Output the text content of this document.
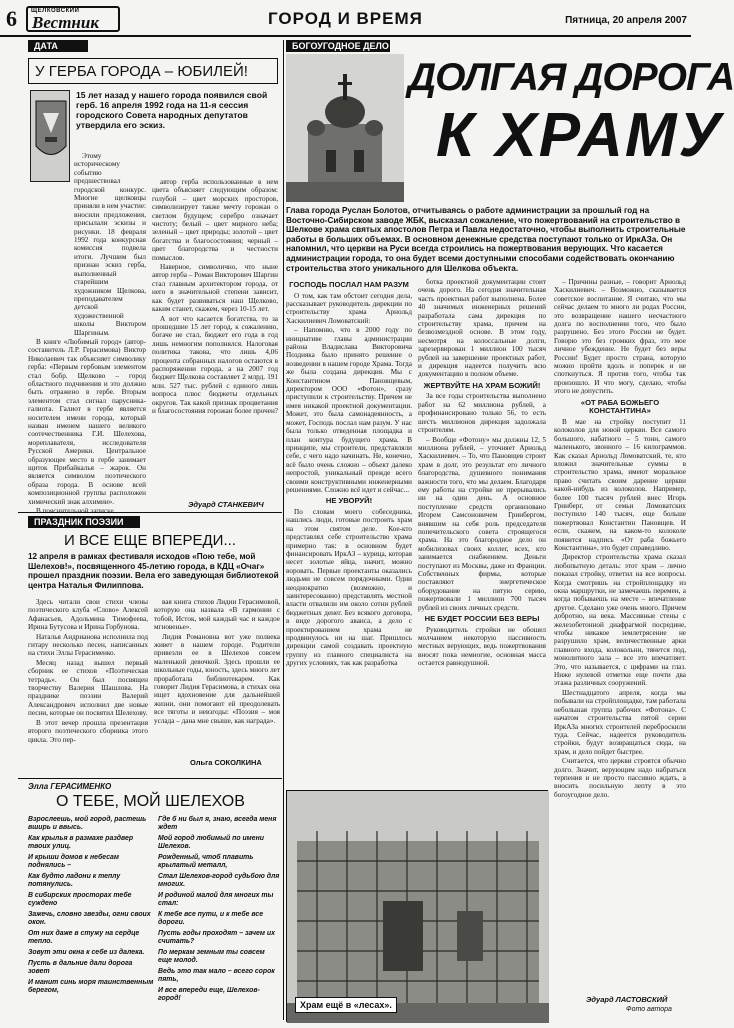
6 ЩЕЛКОВСКИЙ
Вестник	ГОРОД И ВРЕМЯ	Пятница, 20 апреля 2007
ДАТА
У ГЕРБА ГОРОДА – ЮБИЛЕЙ!
15 лет назад у нашего города появился свой герб. 16 апреля 1992 года на 11-я сессия городского Совета народных депутатов утвердила его эскиз.

Этому историческому событию предшествовал городской конкурс. Многие щелковцы приняли в нем участие: вносили предложения, присылали эскизы и рисунки. 18 февраля 1992 года конкурсная комиссия подвела итоги. Лучшим был признан эскиз герба, выполненный старейшим художником Щелкова, преподавателем детской художественной школы Виктором Шаргиным.

В книге «Любимый город» (автор-составитель Л.Р. Герасимова) Виктор Николаевич так объясняет символику герба: «Первым гербовым элементом стал бобр. Щелково – город областного подчинения и это должно быть отражено в гербе. Вторым элементом стал сигнал парусника-галиота. Галиот в гербе является носителем имени города, который назван именем нашего великого соотечественника Г.И. Шелехова, мореплавателя, исследователя Русской Америки. Центральное образующее место в гербе занимает щиток Прибайкалья – жарок. Он является символом поэтического образа города. В основе всей композиционной группы расположен химический знак алхимии».

автор герба использованные в нем цвета объясняет следующим образом: голубой – цвет морских просторов, символизирует также мечту горожан о светлом будущем; серебро означает чистоту; белый – цвет мирного неба; зеленый – цвет природы; золотой – цвет богатства и благосостояния; черный – цвет благородства и честности помыслов.

Наверное, символично, что ныне автор герба – Роман Викторович Шаргин стал главным архитектором города, от него в значительной степени зависит, как будет развиваться наш Щелково, каким станет, скажем, через 10-15 лет.

А вот что касается богатства, то за прошедшие 15 лет город, к сожалению, богаче не стал, бюджет его года в год лишь немногим пополнялся. Налоговая политика такова, что лишь 4,06 процента собранных налогов остаются в распоряжении города, а на 2007 год бюджет Щелкова составляет 2 млрд. 191 млн. 527 тыс. рублей с единого лишь вопроса плюс бюджеты отдельных округов. Так какой признак процветания и благосостояния горожан более прочен?

Эдуард СТАНКЕВИЧ
ПРАЗДНИК ПОЭЗИИ
И ВСЕ ЕЩЕ ВПЕРЕДИ...
12 апреля в рамках фестиваля исходов «Пою тебе, мой Шелехов!», посвященного 45-летию города, в КДЦ «Очаг» прошел праздник поэзии. Вела его заведующая библиотекой центра Наталья Филиппова.

Здесь читали свои стихи члены поэтического клуба «Слово» Алексей Афанасьев, Адольмина Тимофеева, Ирина Бутусова и Ирина Горбунова.

Наталья Андрианова исполнила под гитару несколько песен, написанных на стихи Эллы Герасименко.

Месяц назад вышел первый сборник ее стихов «Поэтическая тетрадь». Он был посвящен творчеству Валерия Шашлова. На празднике поэзии Валерий Александрович исполнил две новые песни, которые он посвятил Шелехову.

В этот вечер прошла презентация второго поэтического сборника этого цикла. Это пер-

вая книга стихов Лидии Герасимовой, которую она назвала «В гармонии с тобой, Исток, мой каждый час и каждое мгновенье».

Лидия Романовна вот уже полвека живет в нашем городе. Родители привезли ее в Шелехов совсем маленькой девочкой. Здесь прошли ее школьные годы, юность, здесь много лет проработала библиотекарем. Как говорит Лидия Герасимова, в стихах она ищет вдохновение для дальнейшей жизни, они помогают ей преодолевать все тяготы и невзгоды: «Поэзия – моя услада – дана мне свыше, как награда».

Ольга СОКОЛКИНА
Элла ГЕРАСИМЕНКО
О ТЕБЕ, МОЙ ШЕЛЕХОВ

Взрослеешь, мой город, растешь вширь и ввысь.

Как крылья в размахе раздвер твоих улиц.

И крыши домов к небесам поднялись –

Как будто ладони к теплу потянулись.

В сибирских просторах тебе суждено

Зажечь, словно звезды, огни своих окон.

От них даже в стужу на сердце тепло.

Зовут эти окна к себе из далека.

Пусть в дальние дали дорога зовет

И манит синь моря таинственным берегом,

Где б ни был я, знаю, всегда меня ждет

Мой город любимый по имени Шелехов.

Рожденный, чтоб плавить крылатый металл,

Стал Шелехов-город судьбою для многих.

И родиной малой для многих ты стал:

К тебе все пути, и к тебе все дороги.

Пусть годы проходят – зачем их считать?

По меркам земным ты совсем еще молод.

Ведь это так мало – всего сорок пять,

И все впереди еще, Шелехов-город!

БОГОУГОДНОЕ ДЕЛО
ДОЛГАЯ ДОРОГА
К ХРАМУ
Глава города Руслан Болотов, отчитываясь о работе администрации за прошлый год на Восточно-Сибирском заводе ЖБК, высказал сожаление, что пожертвований на строительство в Шелкове храма святых апостолов Петра и Павла недостаточно, чтобы выполнить строительные работы в больших объемах. В основном денежные средства поступают только от ИркАЗа. Он напомнил, что церкви на Руси всегда строились на пожертвования верующих. Что касается администрации города, то она будет всеми доступными способами содействовать окончанию строительства этого уникального для Шелкова объекта.
ГОСПОДЬ ПОСЛАЛ НАМ РАЗУМ

О том, как там обстоит сегодня дела, рассказывает руководитель дирекции по строительству храма Арнольд Хаскилиевич Ломоватский:

– Напомню, что в 2000 году по инициативе главы администрации района Владислава Викторовича Поздняка было принято решение о возведении в нашем городе Храма. Тогда же была создана дирекция. Мы с Константином Пановщевым, директором ООО «Фотон», сразу приступили к строительству. Причем не имея никакой проектной документации. Может, это была самонадеянность, а может, Господь послал нам разум. У нас была только отведенная площадка и план контура будущего храма. В принципе, мы строители, представляли себе, с чего надо начинать. Не, конечно, всё было очень сложно – объект далеко непростой, уникальный прежде всего своими конструктивными инженерными решениями. Сложно всё идет и сейчас...

НЕ УВОРУЙ!

По словам моего собеседника, нашлись люди, готовые построить храм на этом святом деле. Кое-кто представлял себе строительство храма примерно так: в основном будет финансировать ИркАЗ – курица, которая несет золотые яйца, значит, можно воровать. Первые проектанты оказались людьми не совсем порядочными. Одни неоднократно (возможно, и заинтересованно) представлять местной власти отвалили им около сотни рублей бюджетных денег. Без всякого договора, в виде дорогого аванса, а дело с проектированием храма не продвинулось ни на шаг. Пришлось дирекции самой создавать проектную группу из главного специалиста на других условиях, так как разработка

ботка проектной документации стоит очень дорого. На сегодня значительная часть проектных работ выполнена. Более 40 значимых инженерных решений разработала сама дирекция по строительству храма, причем на безвозмездной основе. В этом году, несмотря на колоссальные долги, зарезервирован 1 миллион 100 тысяч рублей на завершение проектных работ, и дирекция надеется получить всю документацию в полном объеме.

ЖЕРТВУЙТЕ НА ХРАМ БОЖИЙ!

За все годы строительства выполнено работ на 62 миллиона рублей, а профинансировано только 56, то есть шесть миллионов дирекция задолжала строителям.

– Вообще «Фотону» мы должны 12, 5 миллиона рублей, – уточняет Арнольд Хаскилиевич. – То, что Пановщев строит храм в долг, это результат его личного благородства, душевного понимания важности того, что мы делаем. Благодаря ему работы на стройке не прерывались ни на один день. А основное поступление средств организовано Игорем Самсоновичем Гринбергом, внявшим на себя роль председателя попечительского совета строящегося храма. На это благородное дело он мобилизовал своих коллег, всех, кто занимается снабжением. Деньги поступают из Москвы, даже из Франции. Собственных фирмы, которые поставляют энергетическое оборудование на пятую серию, пожертвовали 1 миллион 700 тысяч рублей из своих личных средств.

НЕ БУДЕТ РОССИИ БЕЗ ВЕРЫ

Руководитель стройки не обошел молчанием некоторую пассивность местных верующих, ведь пожертвования вносят пока немногие, основная масса остается равнодушной.

Храм ещё в «лесах».

– Причины разные, – говорит Арнольд Хаскилиевич. – Возможно, сказывается советское воспитание. Я считаю, что мы сейчас делаем то много ли родах России, это возвращение нашего несчастного долга по восполнении того, что было разрушено. Без этого России не будет. Говорю это без громких фраз, это мое личное убеждение. Не будет без веры России! Будет просто страна, которую можно пройти вдоль и поперек и не споткнуться. Я против того, чтобы так произошло. И что могу, сделаю, чтобы этого не допустить.

«ОТ РАБА БОЖЬЕГО КОНСТАНТИНА»

В мае на стройку поступит 11 колоколов для новой церкви. Все самого большого, набатного – 5 тонн, самого маленького, звонного – 16 килограммов. Как сказал Арнольд Ломоватский, те, кто вложил значительные суммы в строительство храма, имеют моральное право считать своим дарение церкви какой-нибудь из колоколов. Например, более 100 тысяч рублей внес Игорь Гринберг, от семьи Ломоватских поступило 140 тысяч, еще больше пожертвовал Константин Пановщев. И если, скажем, на каком-то колоколе появится надпись «От раба божьего Константина», это будет справедливо.

Директор строительства храма сказал любопытную деталь: этот храм – лично показал стройку, ответил на все вопросы. Когда смотришь на стройплощадку из окна маршрутки, не замечаешь перемен, а когда побываешь на месте – впечатление другое. Сделано уже очень много. Причем добротно, на века. Массивные стены с железобетонной диафрагмой посредине, чтобы никакое землетрясение не разрушило храм, величественные арки главного входа, колокольни, тянется под, монолитного зала – все это впечатляет. Это, что называется, с цифрами на глаз. Ниже нулевой отметки еще почти два этажа различных сооружений.

Шестнадцатого апреля, когда мы побывали на стройплощадке, там работала небольшая группа рабочих «Фотона». С начатом строительства пятой серии ИркАЗа многих строителей переброскили туда. Сейчас, надеется руководитель стройки, будут возвращаться сюда, на храм, и дело пойдет быстрее.

Считается, что церкви строятся обычно долго. Значит, верующим надо набраться терпения и не просто пассивно ждать, а вносить посильную лепту в это богоугодное дело.

Эдуард ЛАСТОВСКИЙ
Фото автора
